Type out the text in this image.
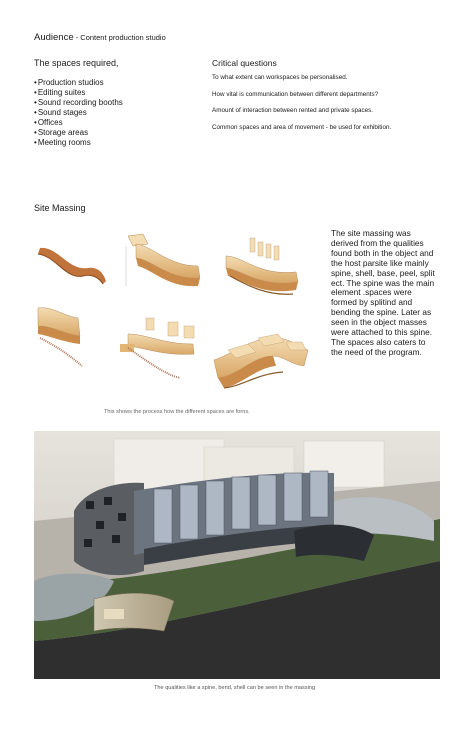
Audience - Content production studio
The spaces required,
• Production studios
• Editing suites
• Sound recording booths
• Sound stages
• Offices
• Storage areas
• Meeting rooms
Critical questions
To what extent can workspaces be personalised.
How vital is communication between different departments?
Amount of interaction between rented and private spaces.
Common spaces and area of movement - be used for exhibition.
Site Massing

The site massing was derived from the qualities found both in the object and the host parsite like mainly spine, shell, base, peel, split ect. The spine was the main element .spaces were formed by splitind and bending the spine. Later as seen in the object masses were attached to this spine. The spaces also caters to the need of the program.

This shows the process how the different spaces are forns.
The qualities like a spine, bend, shell can be seen in the massing
